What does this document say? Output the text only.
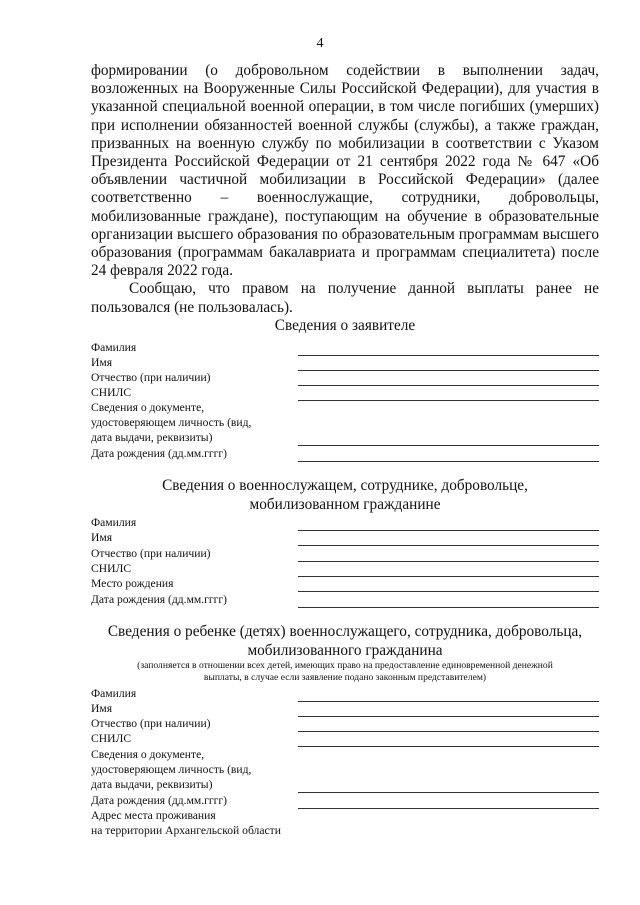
4

формировании (о добровольном содействии в выполнении задач, возложенных на Вооруженные Силы Российской Федерации), для участия в указанной специальной военной операции, в том числе погибших (умерших) при исполнении обязанностей военной службы (службы), а также граждан, призванных на военную службу по мобилизации в соответствии с Указом Президента Российской Федерации от 21 сентября 2022 года № 647 «Об объявлении частичной мобилизации в Российской Федерации» (далее соответственно – военнослужащие, сотрудники, добровольцы, мобилизованные граждане), поступающим на обучение в образовательные организации высшего образования по образовательным программам высшего образования (программам бакалавриата и программам специалитета) после 24 февраля 2022 года.

Сообщаю, что правом на получение данной выплаты ранее не пользовался (не пользовалась).

Сведения о заявителе
Фамилия
Имя
Отчество (при наличии)
СНИЛС
Сведения о документе,
удостоверяющем личность (вид,
дата выдачи, реквизиты)
Дата рождения (дд.мм.гггг)
Сведения о военнослужащем, сотруднике, добровольце,
мобилизованном гражданине
Фамилия
Имя
Отчество (при наличии)
СНИЛС
Место рождения
Дата рождения (дд.мм.гггг)
Сведения о ребенке (детях) военнослужащего, сотрудника, добровольца,
мобилизованного гражданина
(заполняется в отношении всех детей, имеющих право на предоставление единовременной денежной
выплаты, в случае если заявление подано законным представителем)
Фамилия
Имя
Отчество (при наличии)
СНИЛС
Сведения о документе,
удостоверяющем личность (вид,
дата выдачи, реквизиты)
Дата рождения (дд.мм.гггг)
Адрес места проживания
на территории Архангельской области
